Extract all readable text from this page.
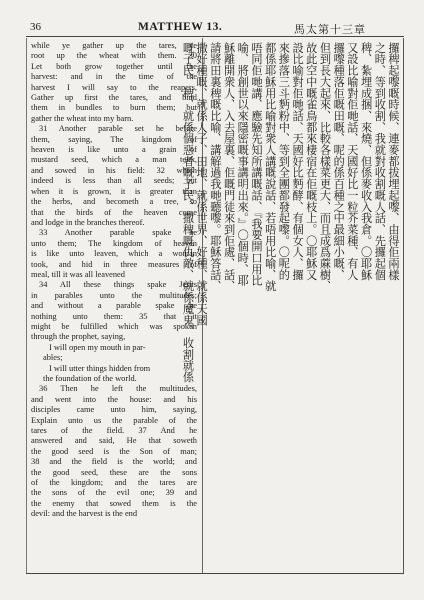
36	MATTHEW 13.	馬太第十三章
while ye gather up the tares, ye
root up the wheat with them. 30
Let both grow together until the
harvest: and in the time of the
harvest I will say to the reapers,
Gather up first the tares, and bind
them in bundles to burn them; but
gather the wheat into my barn.
31 Another parable set he before
them, saying, The kingdom of
heaven is like unto a grain of
mustard seed, which a man took,
and sowed in his field: 32 which
indeed is less than all seeds; but
when it is grown, it is greater than
the herbs, and becometh a tree, so
that the birds of the heaven come
and lodge in the branches thereof.
33 Another parable spake he
unto them; The kingdom of heaven
is like unto leaven, which a woman
took, and hid in three measures of
meal, till it was all leavened
34 All these things spake Jesus
in parables unto the multitudes;
and without a parable spake he
nothing unto them: 35 that it
might be fulfilled which was spoken
through the prophet, saying,
I will open my mouth in par-
ables;
I will utter things hidden from
the foundation of the world.
36 Then he left the multitudes,
and went into the house: and his
disciples came unto him, saying,
Explain unto us the parable of the
tares of the field. 37 And he
answered and said, He that soweth
the good seed is the Son of man;
38 and the field is the world; and
the good seed, these are the sons
of the kingdom; and the tares are
the sons of the evil one; 39 and
the enemy that sowed them is the
devil: and the harvest is the end
攞稗起嚟嘅時候、連麥都拔埋起嚟、由得佢兩樣
之時、等到收割、我就對收割嘅人話、先攞起個
稗、紮埋成捆、來燒、但係麥收入我倉。〇耶穌
又設比喻對佢哋話、天國好比一粒芥菜種、有人
攞嚟種落佢嘅田嘅、呢的係百種之中最細小嘅、
但到長大起來、比較各樣菜更大、而且成爲蔴樹、
故此空中嘅雀鳥都來棲宿在佢嘅枝上。〇耶穌又
設比喻對佢哋話、天國好比麪酵、有個女人、攞
來摻落三斗麪粉中、等到全團都發起嚟。〇呢的
都係耶穌用比喻對衆人講嘅說話、若唔用比喻、就
唔同佢哋講、應驗先知所講嘅話、『我要開口用比
喻、將創世以來隱密嘅事講明出來。』〇個時、耶
穌離開衆人、入去屋裏、佢嘅門徒來到佢處、話、
請將田裏稗嘅比喻、講解過我哋聽嚟。耶穌答話、
撒好種嘅、就係人子、田地、就係世界、好種、就係天國
嘅子民、稗、就係個惡者嘅子民、撒稗嘅仇敵、就係魔鬼、收割就係
